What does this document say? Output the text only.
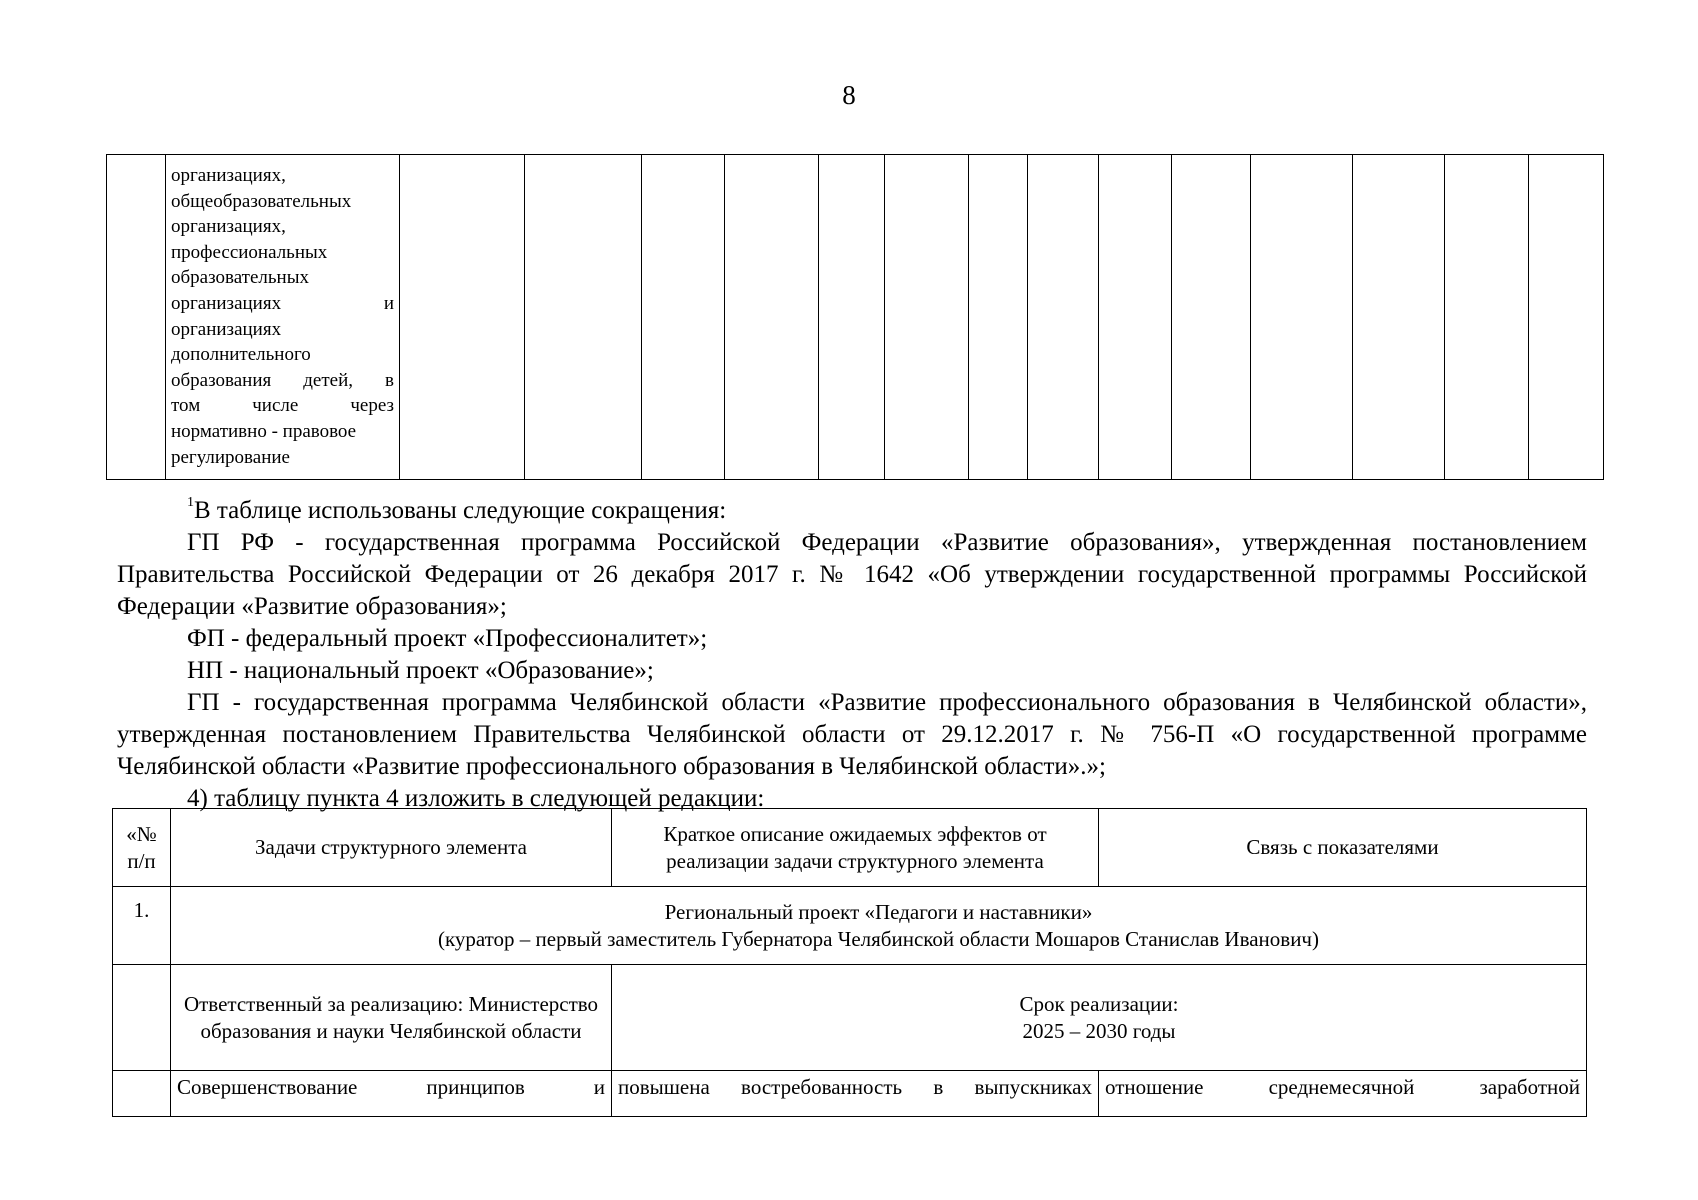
8

организациях,
общеобразовательных
организациях,
профессиональных
образовательных
организациях	и
организациях
дополнительного
образования детей, в
том	числе	через
нормативно - правовое
регулирование

$^1$В таблице использованы следующие сокращения:

ГП РФ - государственная программа Российской Федерации «Развитие образования», утвержденная постановлением Правительства Российской Федерации от 26 декабря 2017 г. № 1642 «Об утверждении государственной программы Российской Федерации «Развитие образования»;

ФП - федеральный проект «Профессионалитет»;

НП - национальный проект «Образование»;

ГП - государственная программа Челябинской области «Развитие профессионального образования в Челябинской области», утвержденная постановлением Правительства Челябинской области от 29.12.2017 г. № 756-П «О государственной программе Челябинской области «Развитие профессионального образования в Челябинской области».»;

4) таблицу пункта 4 изложить в следующей редакции:

«№
п/п	Задачи структурного элемента	Краткое описание ожидаемых эффектов от реализации задачи структурного элемента	Связь с показателями
1.	Региональный проект «Педагоги и наставники»
(куратор – первый заместитель Губернатора Челябинской области Мошаров Станислав Иванович)		

	Ответственный за реализацию: Министерство образования и науки Челябинской области	Срок реализации:
2025 – 2030 годы	

	Совершенствование принципов и	повышена востребованность в выпускниках	отношение среднемесячной заработной
